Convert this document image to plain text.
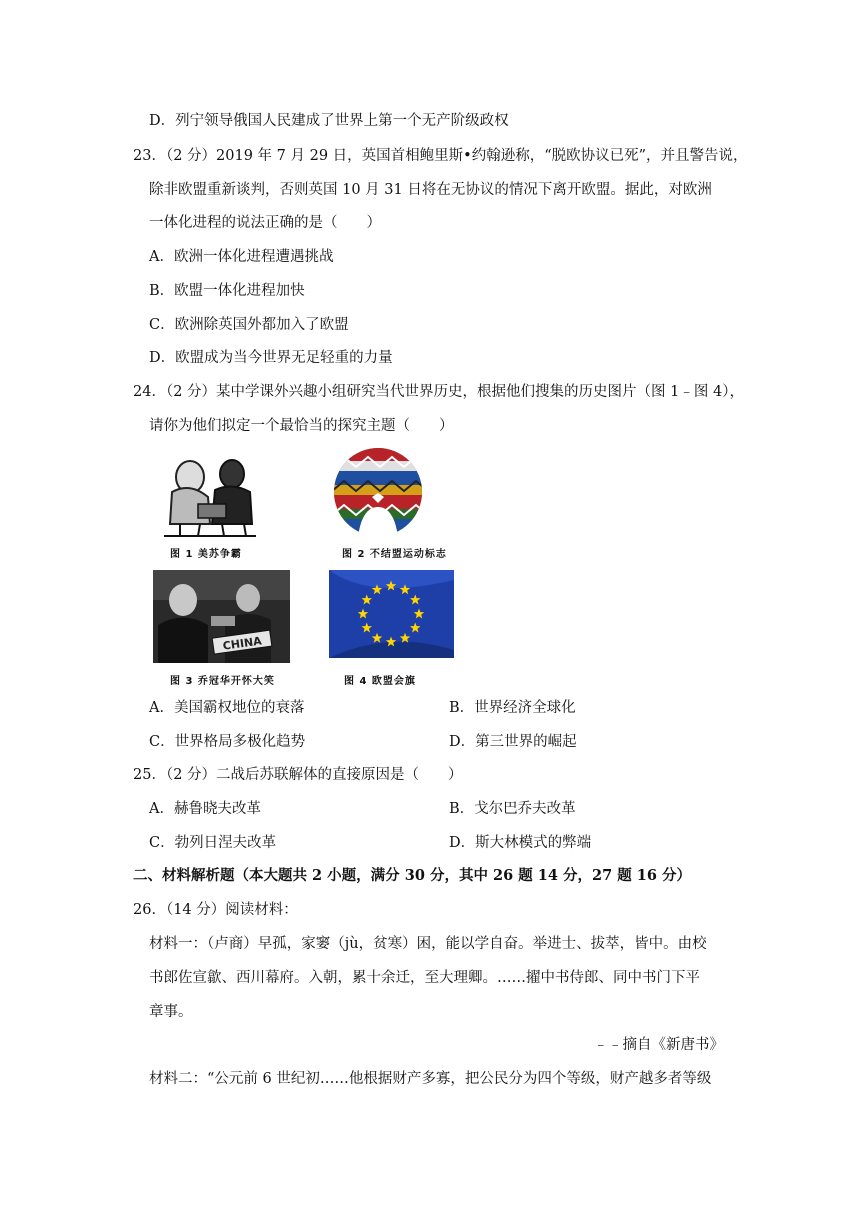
D．列宁领导俄国人民建成了世界上第一个无产阶级政权
23．（2 分）2019 年 7 月 29 日，英国首相鲍里斯•约翰逊称，“脱欧协议已死”，并且警告说，
除非欧盟重新谈判，否则英国 10 月 31 日将在无协议的情况下离开欧盟。据此，对欧洲
一体化进程的说法正确的是（　　）
A．欧洲一体化进程遭遇挑战
B．欧盟一体化进程加快
C．欧洲除英国外都加入了欧盟
D．欧盟成为当今世界无足轻重的力量
24．（2 分）某中学课外兴趣小组研究当代世界历史，根据他们搜集的历史图片（图 1﹣图 4），
请你为他们拟定一个最恰当的探究主题（　　）
图 1 美苏争霸	图 2 不结盟运动标志
CHINA
图 3 乔冠华开怀大笑	图 4 欧盟会旗
A．美国霸权地位的衰落	B．世界经济全球化
C．世界格局多极化趋势	D．第三世界的崛起
25．（2 分）二战后苏联解体的直接原因是（　　）
A．赫鲁晓夫改革	B．戈尔巴乔夫改革
C．勃列日涅夫改革	D．斯大林模式的弊端
二、材料解析题（本大题共 2 小题，满分 30 分，其中 26 题 14 分，27 题 16 分）
26．（14 分）阅读材料：
材料一：（卢商）早孤，家窭（jù，贫寒）困，能以学自奋。举进士、拔萃，皆中。由校
书郎佐宣歙、西川幕府。入朝，累十余迁，至大理卿。……擢中书侍郎、同中书门下平
章事。
﹣﹣摘自《新唐书》
材料二：“公元前 6 世纪初……他根据财产多寡，把公民分为四个等级，财产越多者等级
